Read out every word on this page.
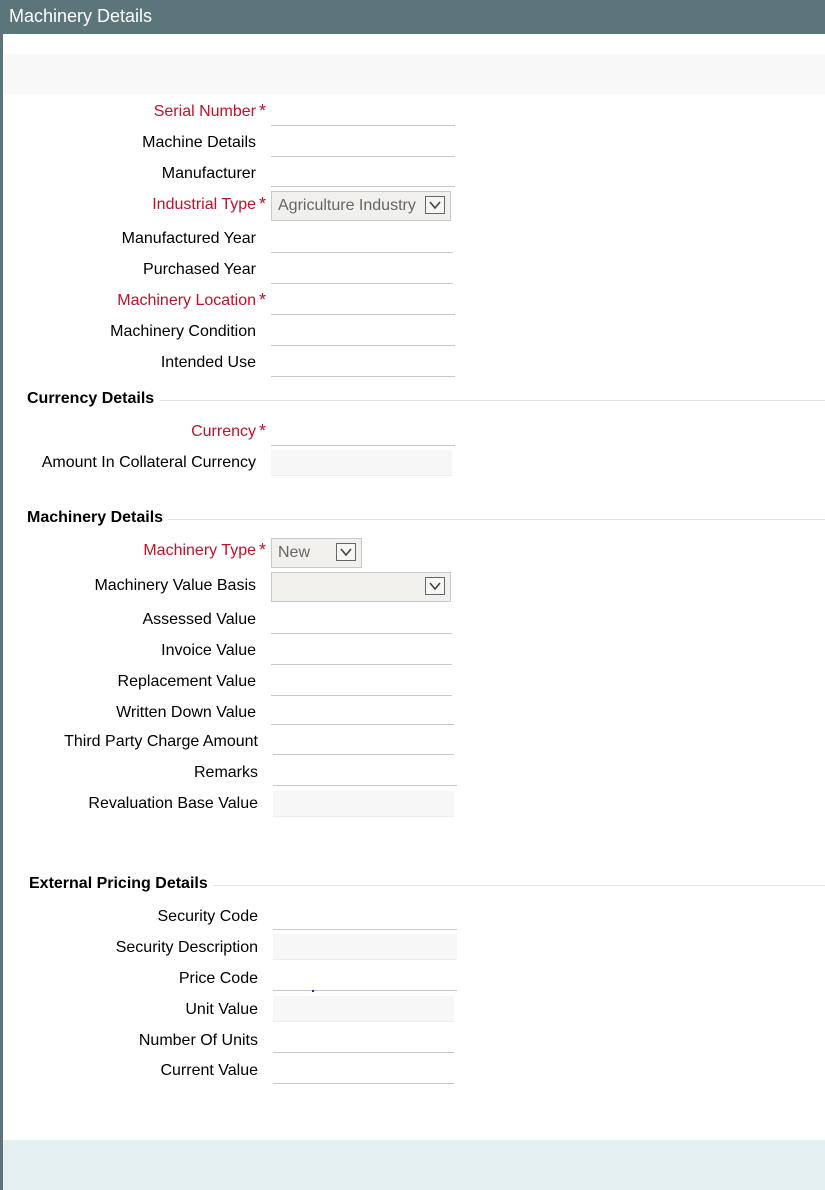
Machinery Details
Serial Number *
Machine Details
Manufacturer
Industrial Type * Agriculture Industry
Manufactured Year
Purchased Year
Machinery Location *
Machinery Condition
Intended Use
Currency Details
Currency *
Amount In Collateral Currency
Machinery Details
Machinery Type * New
Machinery Value Basis
Assessed Value
Invoice Value
Replacement Value
Written Down Value
Third Party Charge Amount
Remarks
Revaluation Base Value
External Pricing Details
Security Code
Security Description
Price Code
Unit Value
Number Of Units
Current Value
